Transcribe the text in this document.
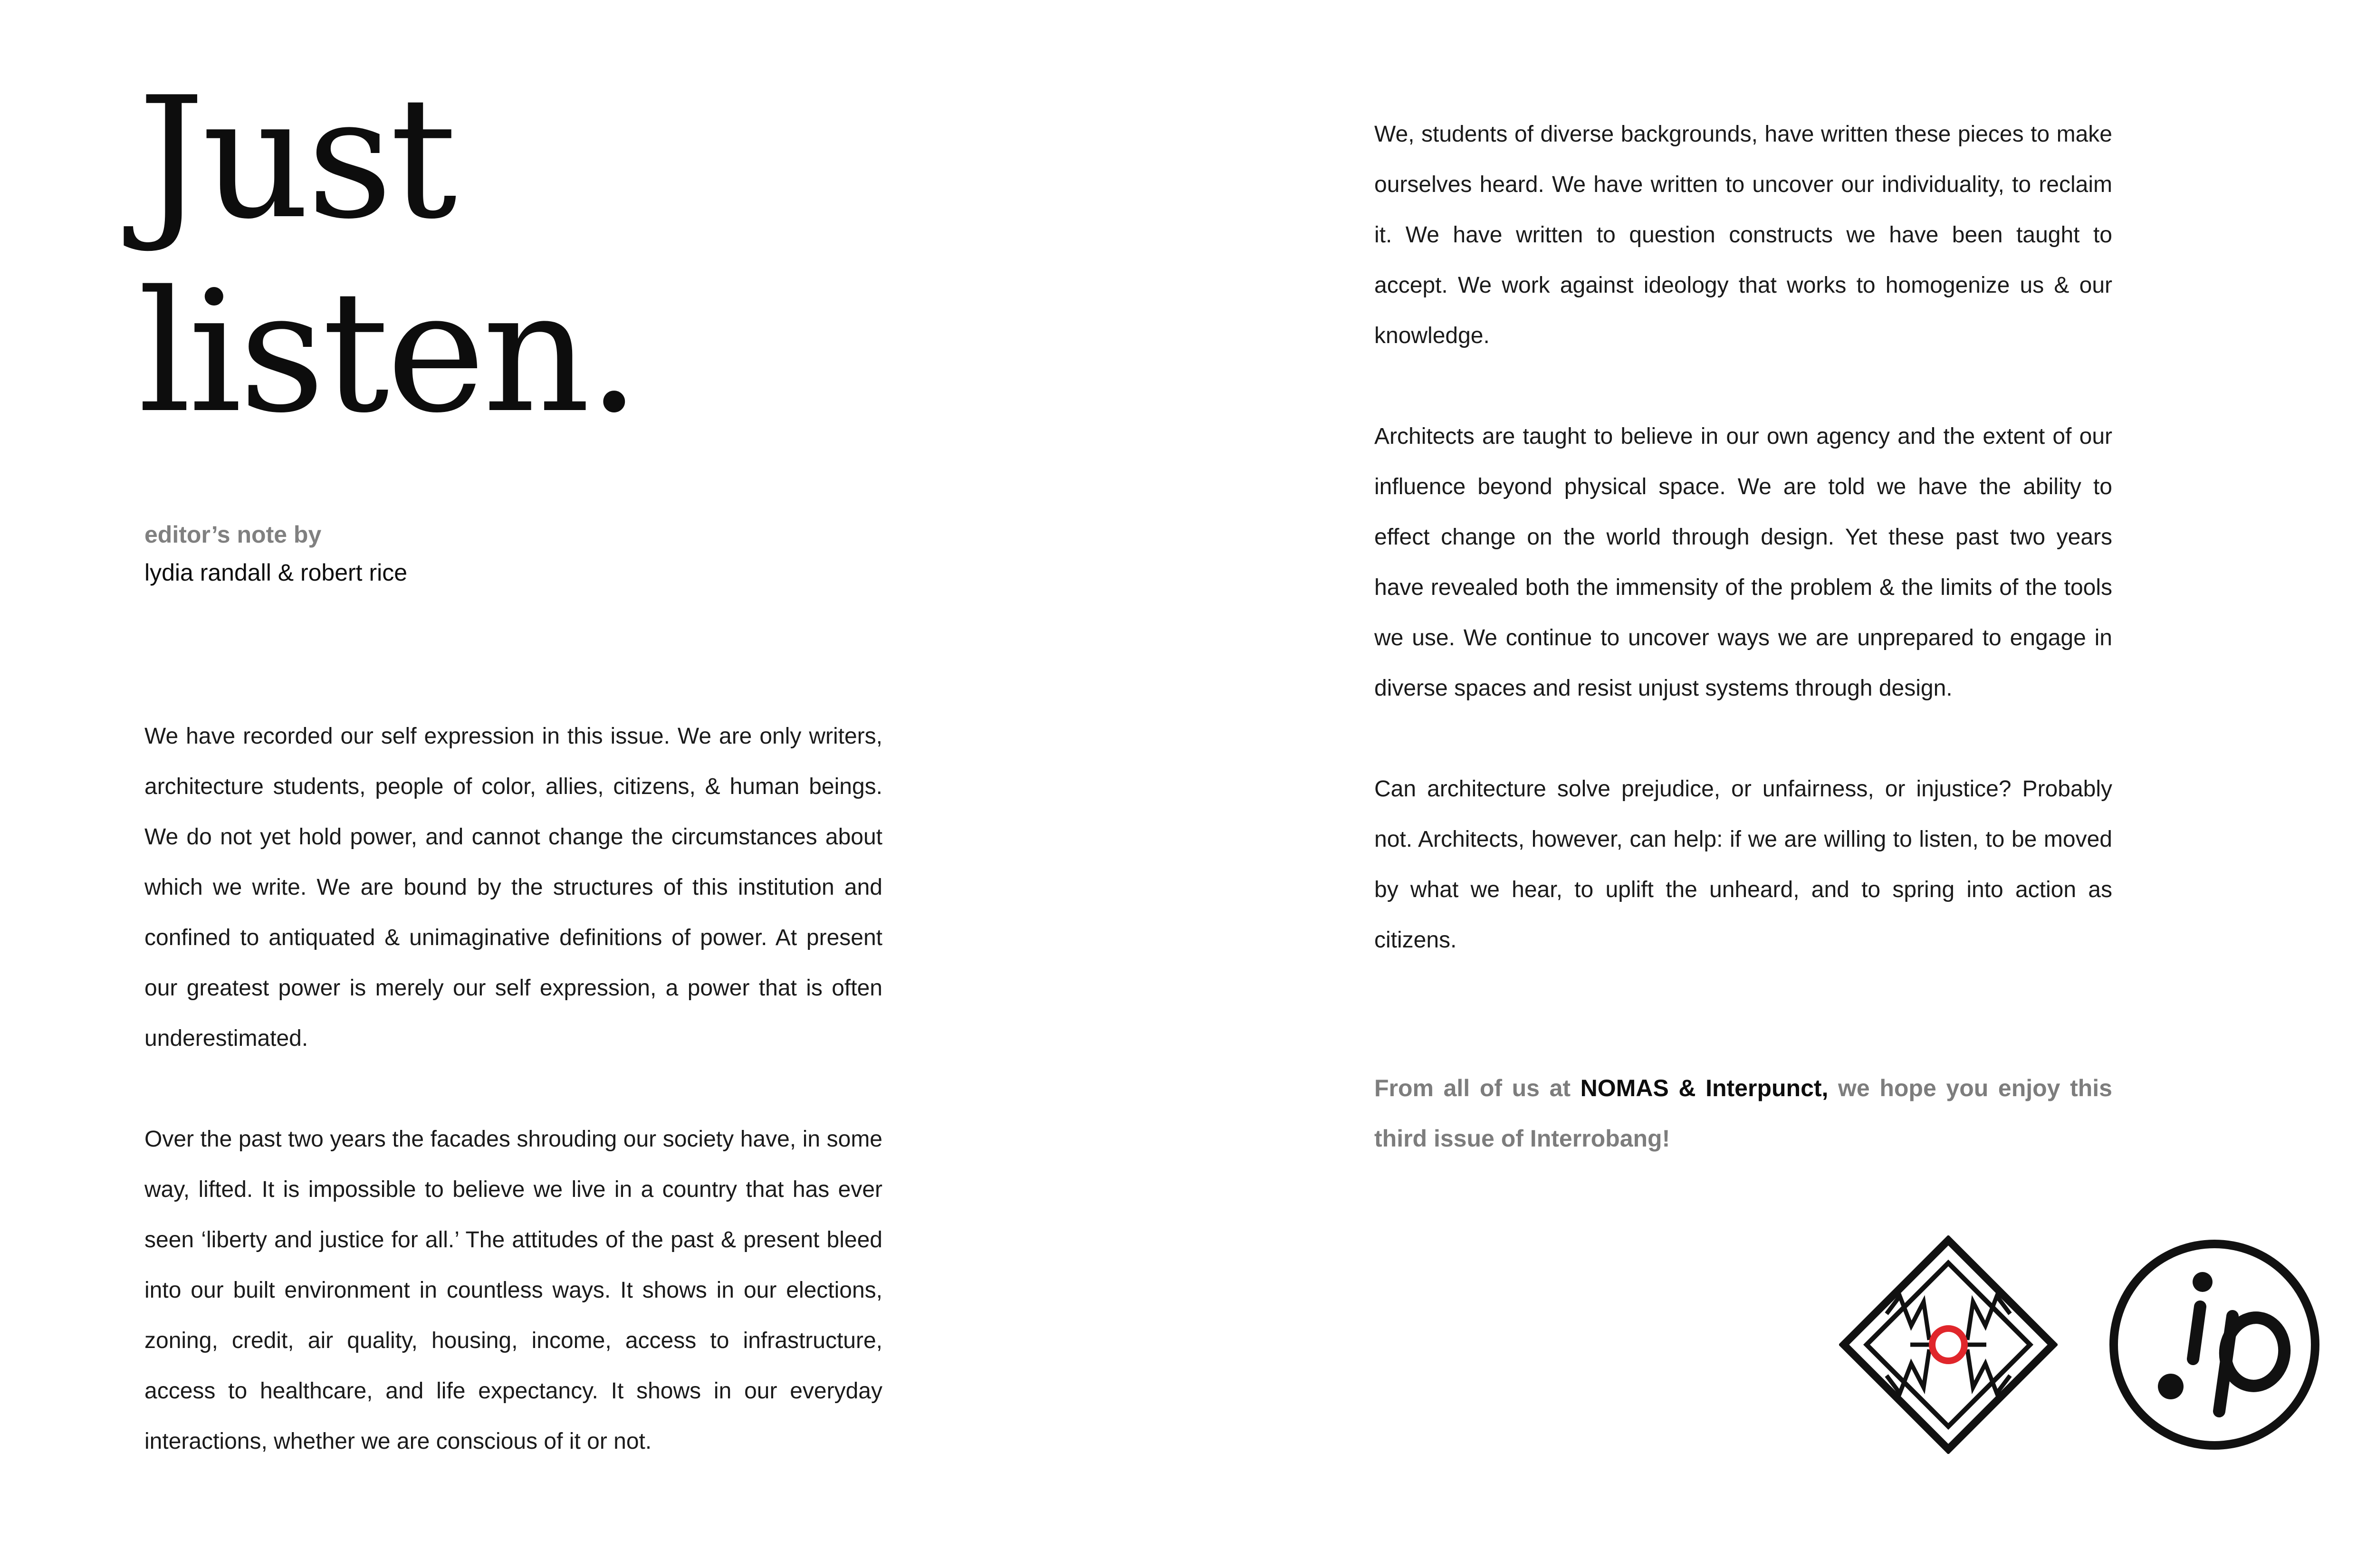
Just
listen.
editor’s note by
lydia randall & robert rice

We have recorded our self expression in this issue. We are only writers, architecture students, people of color, allies, citizens, & human beings. We do not yet hold power, and cannot change the circumstances about which we write. We are bound by the structures of this institution and confined to antiquated & unimaginative definitions of power. At present our greatest power is merely our self expression, a power that is often underestimated.

Over the past two years the facades shrouding our society have, in some way, lifted. It is impossible to believe we live in a country that has ever seen ‘liberty and justice for all.’ The attitudes of the past & present bleed into our built environment in countless ways. It shows in our elections, zoning, credit, air quality, housing, income, access to infrastructure, access to healthcare, and life expectancy. It shows in our everyday interactions, whether we are conscious of it or not.

We, students of diverse backgrounds, have written these pieces to make ourselves heard. We have written to uncover our individuality, to reclaim it. We have written to question constructs we have been taught to accept. We work against ideology that works to homogenize us & our knowledge.

Architects are taught to believe in our own agency and the extent of our influence beyond physical space. We are told we have the ability to effect change on the world through design. Yet these past two years have revealed both the immensity of the problem & the limits of the tools we use. We continue to uncover ways we are unprepared to engage in diverse spaces and resist unjust systems through design.

Can architecture solve prejudice, or unfairness, or injustice? Probably not. Architects, however, can help: if we are willing to listen, to be moved by what we hear, to uplift the unheard, and to spring into action as citizens.

From all of us at NOMAS & Interpunct, we hope you enjoy this third issue of Interrobang!
